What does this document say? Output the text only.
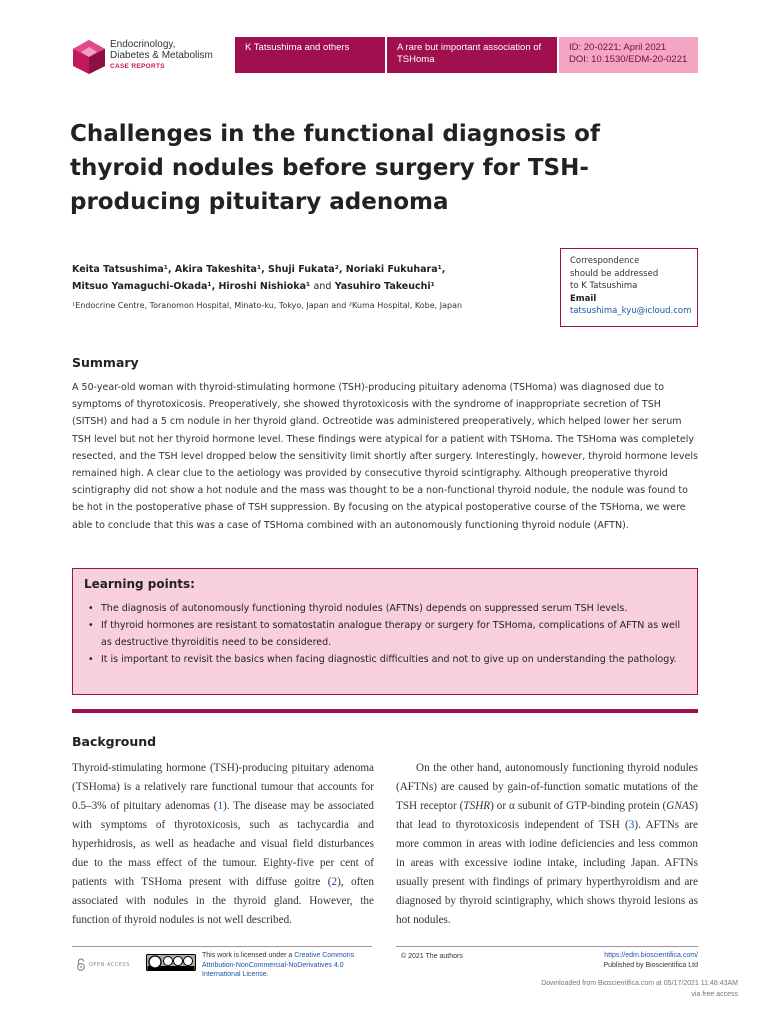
Endocrinology,
Diabetes & Metabolism
CASE REPORTS
K Tatsushima and others	A rare but important association of TSHoma
ID: 20-0221; April 2021
DOI: 10.1530/EDM-20-0221
Challenges in the functional diagnosis of thyroid nodules before surgery for TSH-producing pituitary adenoma
Keita Tatsushima¹, Akira Takeshita¹, Shuji Fukata², Noriaki Fukuhara¹,
Mitsuo Yamaguchi-Okada¹, Hiroshi Nishioka¹ and Yasuhiro Takeuchi¹
¹Endocrine Centre, Toranomon Hospital, Minato-ku, Tokyo, Japan and ²Kuma Hospital, Kobe, Japan
Correspondence
should be addressed
to K Tatsushima
Email
tatsushima_kyu@icloud.com
Summary

A 50-year-old woman with thyroid-stimulating hormone (TSH)-producing pituitary adenoma (TSHoma) was diagnosed due to symptoms of thyrotoxicosis. Preoperatively, she showed thyrotoxicosis with the syndrome of inappropriate secretion of TSH (SITSH) and had a 5 cm nodule in her thyroid gland. Octreotide was administered preoperatively, which helped lower her serum TSH level but not her thyroid hormone level. These findings were atypical for a patient with TSHoma. The TSHoma was completely resected, and the TSH level dropped below the sensitivity limit shortly after surgery. Interestingly, however, thyroid hormone levels remained high. A clear clue to the aetiology was provided by consecutive thyroid scintigraphy. Although preoperative thyroid scintigraphy did not show a hot nodule and the mass was thought to be a non-functional thyroid nodule, the nodule was found to be hot in the postoperative phase of TSH suppression. By focusing on the atypical postoperative course of the TSHoma, we were able to conclude that this was a case of TSHoma combined with an autonomously functioning thyroid nodule (AFTN).

Learning points:
• The diagnosis of autonomously functioning thyroid nodules (AFTNs) depends on suppressed serum TSH levels.
• If thyroid hormones are resistant to somatostatin analogue therapy or surgery for TSHoma, complications of AFTN as well as destructive thyroiditis need to be considered.
• It is important to revisit the basics when facing diagnostic difficulties and not to give up on understanding the pathology.
Background

Thyroid-stimulating hormone (TSH)-producing pituitary adenoma (TSHoma) is a relatively rare functional tumour that accounts for 0.5–3% of pituitary adenomas (1). The disease may be associated with symptoms of thyrotoxicosis, such as tachycardia and hyperhidrosis, as well as headache and visual field disturbances due to the mass effect of the tumour. Eighty-five per cent of patients with TSHoma present with diffuse goitre (2), often associated with nodules in the thyroid gland. However, the function of thyroid nodules is not well described.

On the other hand, autonomously functioning thyroid nodules (AFTNs) are caused by gain-of-function somatic mutations of the TSH receptor (TSHR) or α subunit of GTP-binding protein (GNAS) that lead to thyrotoxicosis independent of TSH (3). AFTNs are more common in areas with iodine deficiencies and less common in areas with excessive iodine intake, including Japan. AFTNs usually present with findings of primary hyperthyroidism and are diagnosed by thyroid scintigraphy, which shows thyroid lesions as hot nodules.

OPEN ACCESS
This work is licensed under a Creative Commons Attribution-NonCommercial-NoDerivatives 4.0 International License.
© 2021 The authors	https://edm.bioscientifica.com/
Published by Bioscientifica Ltd
Downloaded from Bioscientifica.com at 05/17/2021 11:48:43AM
via free access
